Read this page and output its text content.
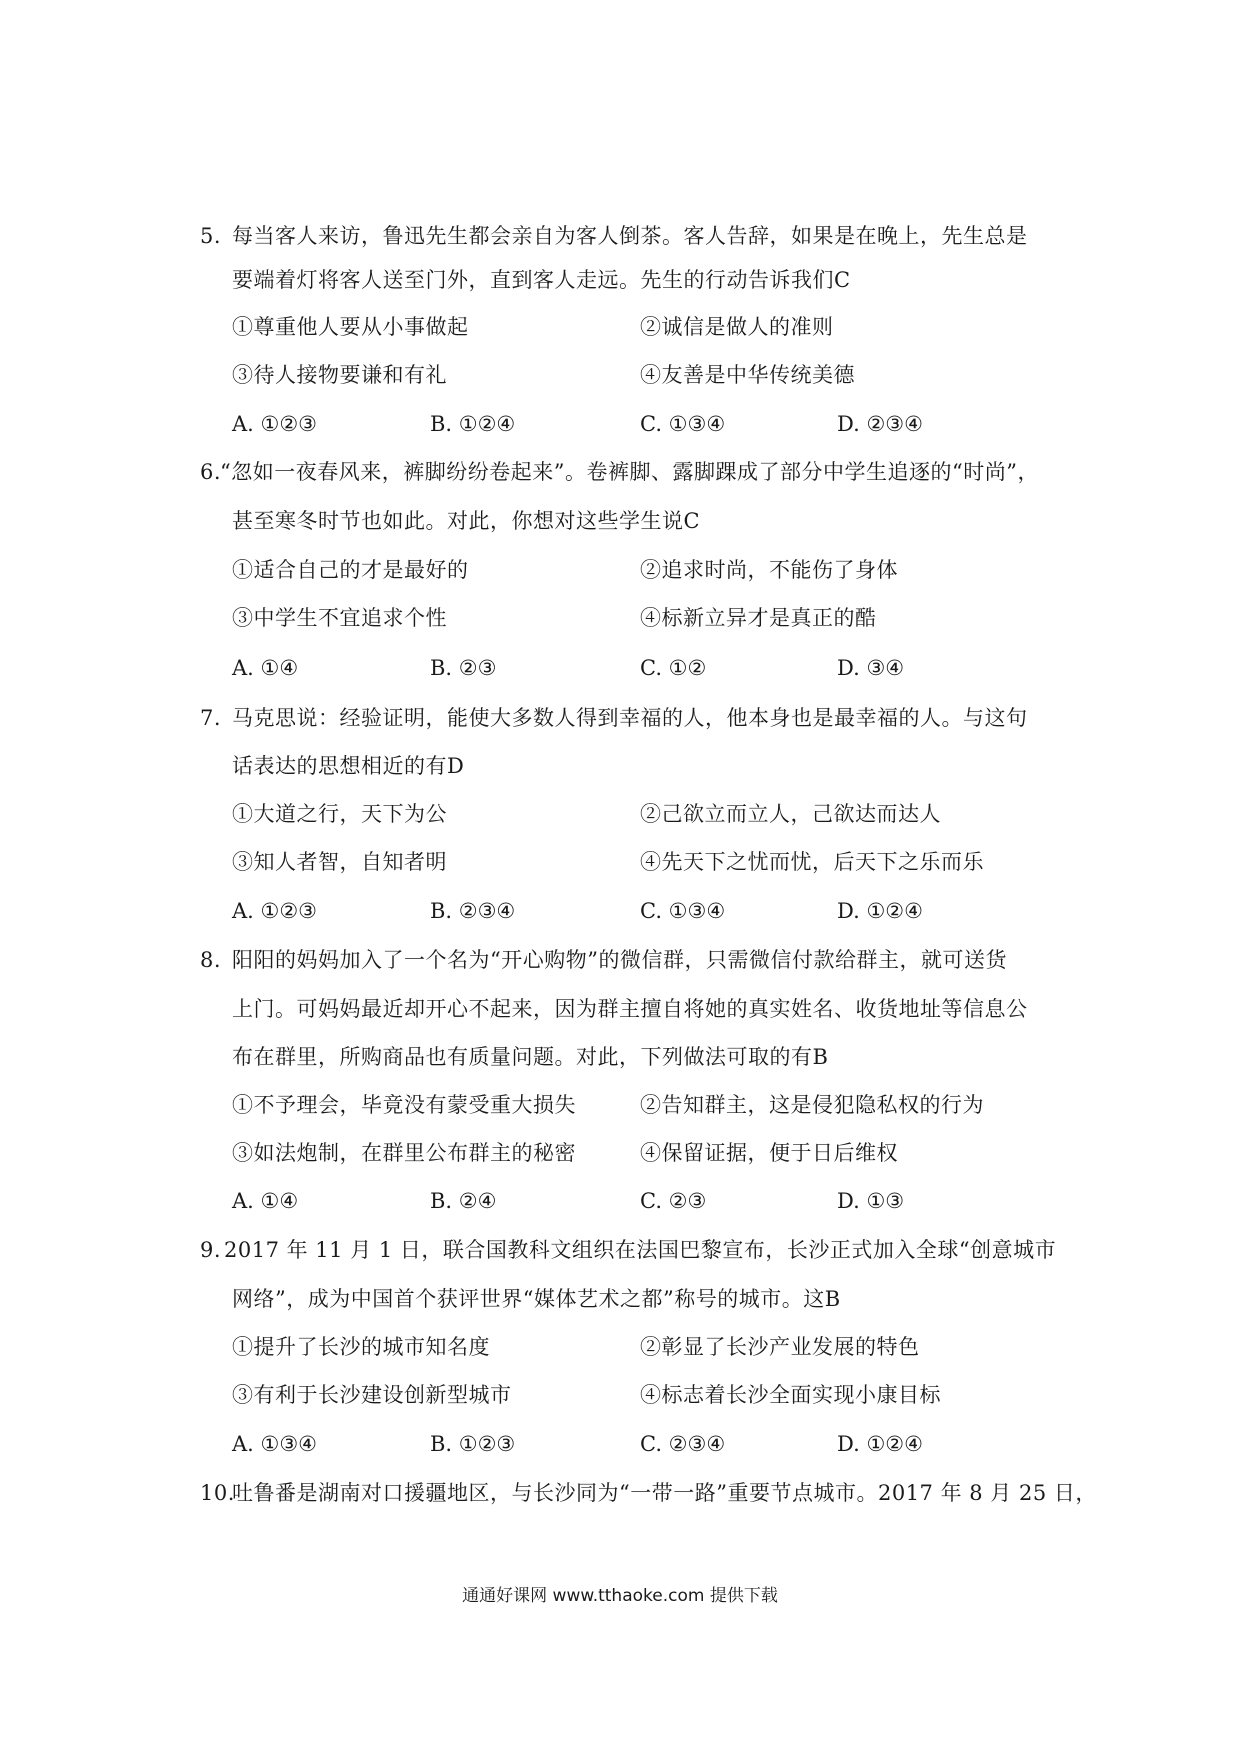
5. 每当客人来访，鲁迅先生都会亲自为客人倒茶。客人告辞，如果是在晚上，先生总是
要端着灯将客人送至门外，直到客人走远。先生的行动告诉我们C
①尊重他人要从小事做起	②诚信是做人的准则
③待人接物要谦和有礼	④友善是中华传统美德
A. ①②③	B. ①②④	C. ①③④	D. ②③④
6.“忽如一夜春风来，裤脚纷纷卷起来”。卷裤脚、露脚踝成了部分中学生追逐的“时尚”，
甚至寒冬时节也如此。对此，你想对这些学生说C
①适合自己的才是最好的	②追求时尚，不能伤了身体
③中学生不宜追求个性	④标新立异才是真正的酷
A. ①④	B. ②③	C. ①②	D. ③④
7. 马克思说：经验证明，能使大多数人得到幸福的人，他本身也是最幸福的人。与这句
话表达的思想相近的有D
①大道之行，天下为公	②己欲立而立人，己欲达而达人
③知人者智，自知者明	④先天下之忧而忧，后天下之乐而乐
A. ①②③	B. ②③④	C. ①③④	D. ①②④
8. 阳阳的妈妈加入了一个名为“开心购物”的微信群，只需微信付款给群主，就可送货
上门。可妈妈最近却开心不起来，因为群主擅自将她的真实姓名、收货地址等信息公
布在群里，所购商品也有质量问题。对此，下列做法可取的有B
①不予理会，毕竟没有蒙受重大损失	②告知群主，这是侵犯隐私权的行为
③如法炮制，在群里公布群主的秘密	④保留证据，便于日后维权
A. ①④	B. ②④	C. ②③	D. ①③
9. 2017 年 11 月 1 日，联合国教科文组织在法国巴黎宣布，长沙正式加入全球“创意城市
网络”，成为中国首个获评世界“媒体艺术之都”称号的城市。这B
①提升了长沙的城市知名度	②彰显了长沙产业发展的特色
③有利于长沙建设创新型城市	④标志着长沙全面实现小康目标
A. ①③④	B. ①②③	C. ②③④	D. ①②④
10.吐鲁番是湖南对口援疆地区，与长沙同为“一带一路”重要节点城市。2017 年 8 月 25 日，
通通好课网 www.tthaoke.com 提供下载
